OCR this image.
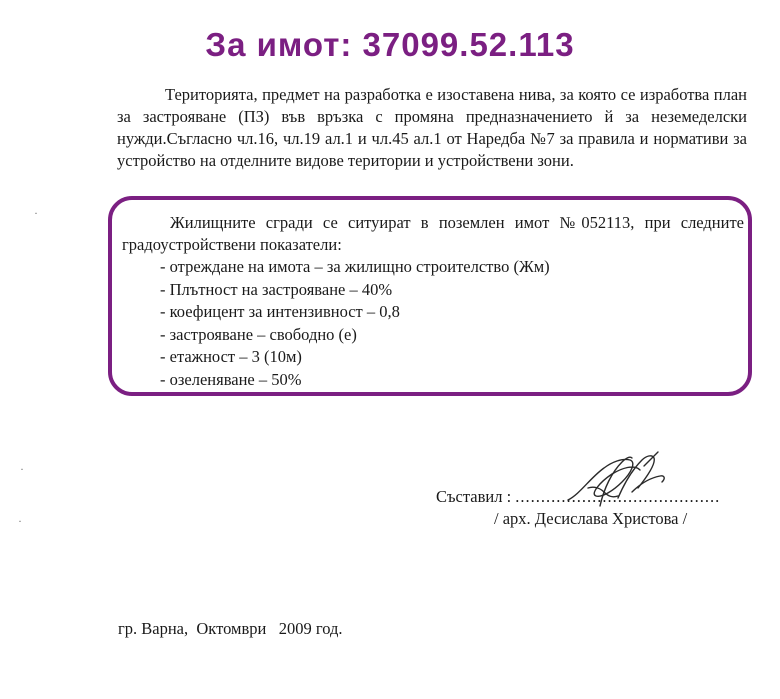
За имот: 37099.52.113

Територията, предмет на разработка е изоставена нива, за която се изработва план за застрояване (ПЗ) във връзка с промяна предназначениeто й за неземеделски нужди.Съгласно чл.16, чл.19 ал.1 и чл.45 ал.1 от Наредба №7 за правила и нормативи за устройство на отделните видове територии и устройствени зони.

Жилищните сгради се ситуират в поземлен имот №052113, при следните градоустройствени показатели:

- отреждане на имота – за жилищно строителство (Жм)
- Плътност на застрояване – 40%
- коефицент за интензивност – 0,8
- застрояване – свободно (е)
- етажност – 3 (10м)
- озеленяване – 50%
Съставил : ........................................
/ арх. Десислава Христова /
гр. Варна,  Октомври   2009 год.
·
·
·
